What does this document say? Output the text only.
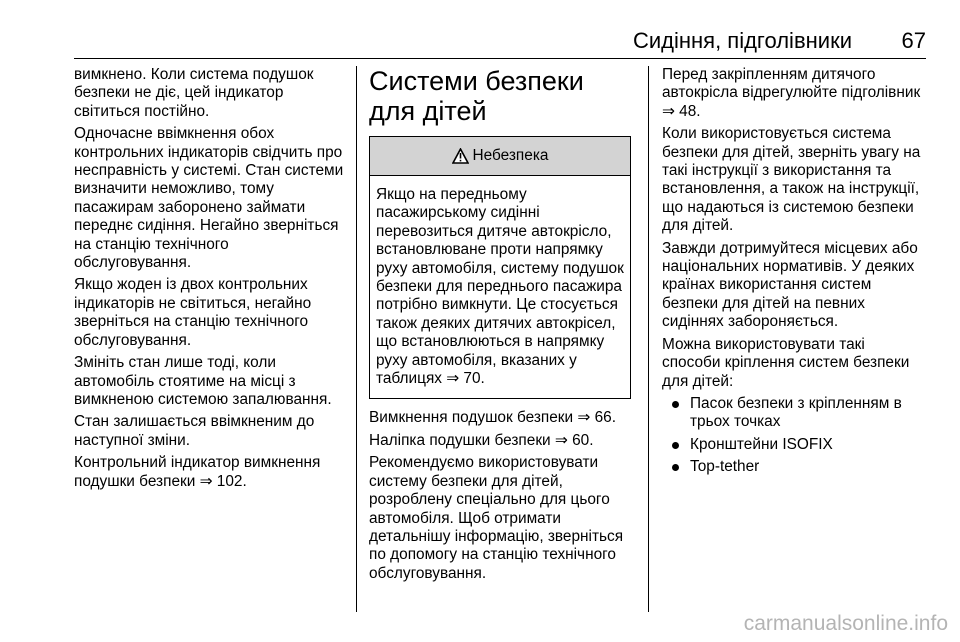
Сидіння, підголівники	67

вимкнено. Коли система подушок безпеки не діє, цей індикатор світиться постійно.

Одночасне ввімкнення обох контрольних індикаторів свідчить про несправність у системі. Стан системи визначити неможливо, тому пасажирам заборонено займати переднє сидіння. Негайно зверніться на станцію технічного обслуговування.

Якщо жоден із двох контрольних індикаторів не світиться, негайно зверніться на станцію технічного обслуговування.

Змініть стан лише тоді, коли автомобіль стоятиме на місці з вимкненою системою запалювання.

Стан залишається ввімкненим до наступної зміни.

Контрольний індикатор вимкнення подушки безпеки ⇒ 102.

Системи безпеки для дітей
Небезпека

Якщо на передньому пасажирському сидінні перевозиться дитяче автокрісло, встановлюване проти напрямку руху автомобіля, систему подушок безпеки для переднього пасажира потрібно вимкнути. Це стосується також деяких дитячих автокрісел, що встановлюються в напрямку руху автомобіля, вказаних у таблицях ⇒ 70.

Вимкнення подушок безпеки ⇒ 66.

Наліпка подушки безпеки ⇒ 60.

Рекомендуємо використовувати систему безпеки для дітей, розроблену спеціально для цього автомобіля. Щоб отримати детальнішу інформацію, зверніться по допомогу на станцію технічного обслуговування.

Перед закріпленням дитячого автокрісла відрегулюйте підголівник ⇒ 48.

Коли використовується система безпеки для дітей, зверніть увагу на такі інструкції з використання та встановлення, а також на інструкції, що надаються із системою безпеки для дітей.

Завжди дотримуйтеся місцевих або національних нормативів. У деяких країнах використання систем безпеки для дітей на певних сидіннях забороняється.

Можна використовувати такі способи кріплення систем безпеки для дітей:

Пасок безпеки з кріпленням в трьох точках
Кронштейни ISOFIX
Top-tether
carmanualsonline.info
